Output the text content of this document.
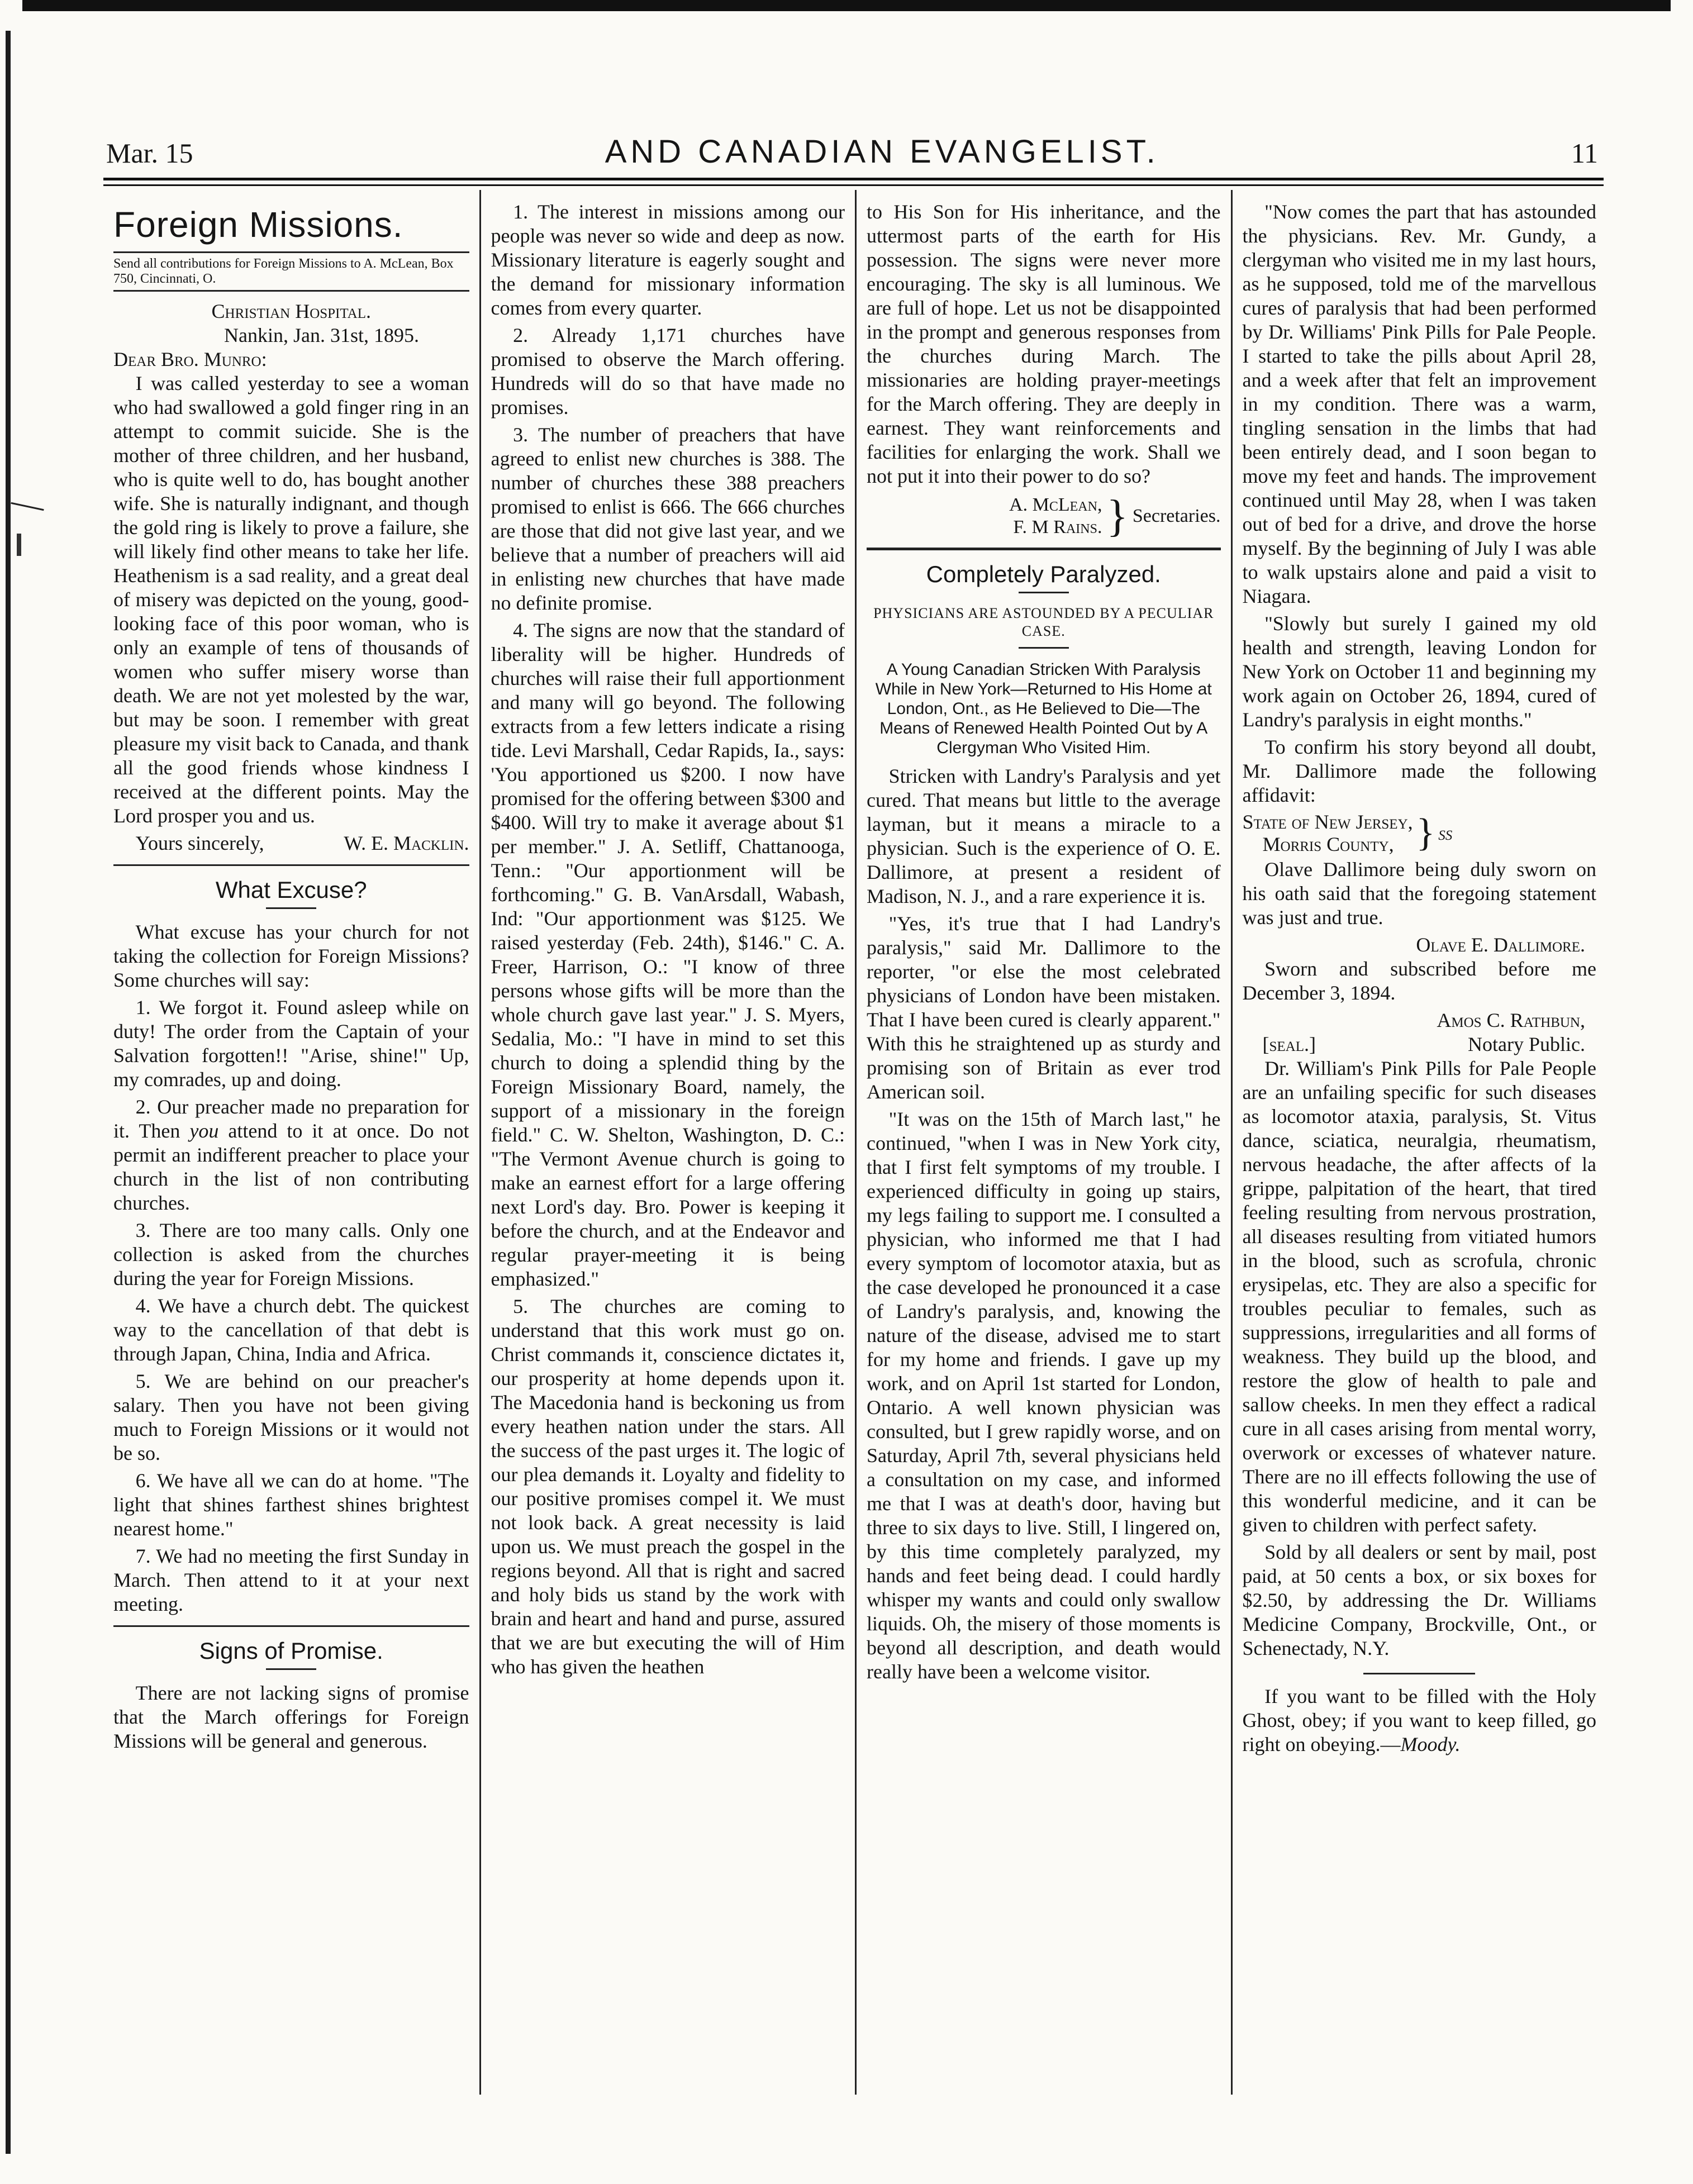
Mar. 15	AND CANADIAN EVANGELIST.	11
Foreign Missions.
Send all contributions for Foreign Missions to A. McLean, Box 750, Cincinnati, O.
Christian Hospital.
Nankin, Jan. 31st, 1895.
Dear Bro. Munro:

I was called yesterday to see a woman who had swallowed a gold finger ring in an attempt to commit suicide. She is the mother of three children, and her husband, who is quite well to do, has bought another wife. She is naturally indignant, and though the gold ring is likely to prove a failure, she will likely find other means to take her life. Heathenism is a sad reality, and a great deal of misery was depicted on the young, good-looking face of this poor woman, who is only an example of tens of thousands of women who suffer misery worse than death. We are not yet molested by the war, but may be soon. I remember with great pleasure my visit back to Canada, and thank all the good friends whose kindness I received at the different points. May the Lord prosper you and us.

Yours sincerely,	W. E. Macklin.
What Excuse?

What excuse has your church for not taking the collection for Foreign Missions? Some churches will say:

1. We forgot it. Found asleep while on duty! The order from the Captain of your Salvation forgotten!! "Arise, shine!" Up, my comrades, up and doing.

2. Our preacher made no preparation for it. Then you attend to it at once. Do not permit an indifferent preacher to place your church in the list of non contributing churches.

3. There are too many calls. Only one collection is asked from the churches during the year for Foreign Missions.

4. We have a church debt. The quickest way to the cancellation of that debt is through Japan, China, India and Africa.

5. We are behind on our preacher's salary. Then you have not been giving much to Foreign Missions or it would not be so.

6. We have all we can do at home. "The light that shines farthest shines brightest nearest home."

7. We had no meeting the first Sunday in March. Then attend to it at your next meeting.

Signs of Promise.

There are not lacking signs of promise that the March offerings for Foreign Missions will be general and generous.

1. The interest in missions among our people was never so wide and deep as now. Missionary literature is eagerly sought and the demand for missionary information comes from every quarter.

2. Already 1,171 churches have promised to observe the March offering. Hundreds will do so that have made no promises.

3. The number of preachers that have agreed to enlist new churches is 388. The number of churches these 388 preachers promised to enlist is 666. The 666 churches are those that did not give last year, and we believe that a number of preachers will aid in enlisting new churches that have made no definite promise.

4. The signs are now that the standard of liberality will be higher. Hundreds of churches will raise their full apportionment and many will go beyond. The following extracts from a few letters indicate a rising tide. Levi Marshall, Cedar Rapids, Ia., says: 'You apportioned us $200. I now have promised for the offering between $300 and $400. Will try to make it average about $1 per member." J. A. Setliff, Chattanooga, Tenn.: "Our apportionment will be forthcoming." G. B. VanArsdall, Wabash, Ind: "Our apportionment was $125. We raised yesterday (Feb. 24th), $146." C. A. Freer, Harrison, O.: "I know of three persons whose gifts will be more than the whole church gave last year." J. S. Myers, Sedalia, Mo.: "I have in mind to set this church to doing a splendid thing by the Foreign Missionary Board, namely, the support of a missionary in the foreign field." C. W. Shelton, Washington, D. C.: "The Vermont Avenue church is going to make an earnest effort for a large offering next Lord's day. Bro. Power is keeping it before the church, and at the Endeavor and regular prayer-meeting it is being emphasized."

5. The churches are coming to understand that this work must go on. Christ commands it, conscience dictates it, our prosperity at home depends upon it. The Macedonia hand is beckoning us from every heathen nation under the stars. All the success of the past urges it. The logic of our plea demands it. Loyalty and fidelity to our positive promises compel it. We must not look back. A great necessity is laid upon us. We must preach the gospel in the regions beyond. All that is right and sacred and holy bids us stand by the work with brain and heart and hand and purse, assured that we are but executing the will of Him who has given the heathen

to His Son for His inheritance, and the uttermost parts of the earth for His possession. The signs were never more encouraging. The sky is all luminous. We are full of hope. Let us not be disappointed in the prompt and generous responses from the churches during March. The missionaries are holding prayer-meetings for the March offering. They are deeply in earnest. They want reinforcements and facilities for enlarging the work. Shall we not put it into their power to do so?

A. McLean,
F. M Rains. } Secretaries.
Completely Paralyzed.
PHYSICIANS ARE ASTOUNDED BY A PECULIAR CASE.
A Young Canadian Stricken With Paralysis While in New York—Returned to His Home at London, Ont., as He Believed to Die—The Means of Renewed Health Pointed Out by A Clergyman Who Visited Him.

Stricken with Landry's Paralysis and yet cured. That means but little to the average layman, but it means a miracle to a physician. Such is the experience of O. E. Dallimore, at present a resident of Madison, N. J., and a rare experience it is.

"Yes, it's true that I had Landry's paralysis," said Mr. Dallimore to the reporter, "or else the most celebrated physicians of London have been mistaken. That I have been cured is clearly apparent." With this he straightened up as sturdy and promising son of Britain as ever trod American soil.

"It was on the 15th of March last," he continued, "when I was in New York city, that I first felt symptoms of my trouble. I experienced difficulty in going up stairs, my legs failing to support me. I consulted a physician, who informed me that I had every symptom of locomotor ataxia, but as the case developed he pronounced it a case of Landry's paralysis, and, knowing the nature of the disease, advised me to start for my home and friends. I gave up my work, and on April 1st started for London, Ontario. A well known physician was consulted, but I grew rapidly worse, and on Saturday, April 7th, several physicians held a consultation on my case, and informed me that I was at death's door, having but three to six days to live. Still, I lingered on, by this time completely paralyzed, my hands and feet being dead. I could hardly whisper my wants and could only swallow liquids. Oh, the misery of those moments is beyond all description, and death would really have been a welcome visitor.

"Now comes the part that has astounded the physicians. Rev. Mr. Gundy, a clergyman who visited me in my last hours, as he supposed, told me of the marvellous cures of paralysis that had been performed by Dr. Williams' Pink Pills for Pale People. I started to take the pills about April 28, and a week after that felt an improvement in my condition. There was a warm, tingling sensation in the limbs that had been entirely dead, and I soon began to move my feet and hands. The improvement continued until May 28, when I was taken out of bed for a drive, and drove the horse myself. By the beginning of July I was able to walk upstairs alone and paid a visit to Niagara.

"Slowly but surely I gained my old health and strength, leaving London for New York on October 11 and beginning my work again on October 26, 1894, cured of Landry's paralysis in eight months."

To confirm his story beyond all doubt, Mr. Dallimore made the following affidavit:

State of New Jersey,
Morris County, } ss

Olave Dallimore being duly sworn on his oath said that the foregoing statement was just and true.

Olave E. Dallimore.

Sworn and subscribed before me December 3, 1894.

Amos C. Rathbun,
[seal.]	Notary Public.

Dr. William's Pink Pills for Pale People are an unfailing specific for such diseases as locomotor ataxia, paralysis, St. Vitus dance, sciatica, neuralgia, rheumatism, nervous headache, the after affects of la grippe, palpitation of the heart, that tired feeling resulting from nervous prostration, all diseases resulting from vitiated humors in the blood, such as scrofula, chronic erysipelas, etc. They are also a specific for troubles peculiar to females, such as suppressions, irregularities and all forms of weakness. They build up the blood, and restore the glow of health to pale and sallow cheeks. In men they effect a radical cure in all cases arising from mental worry, overwork or excesses of whatever nature. There are no ill effects following the use of this wonderful medicine, and it can be given to children with perfect safety.

Sold by all dealers or sent by mail, post paid, at 50 cents a box, or six boxes for $2.50, by addressing the Dr. Williams Medicine Company, Brockville, Ont., or Schenectady, N.Y.

If you want to be filled with the Holy Ghost, obey; if you want to keep filled, go right on obeying.—Moody.
